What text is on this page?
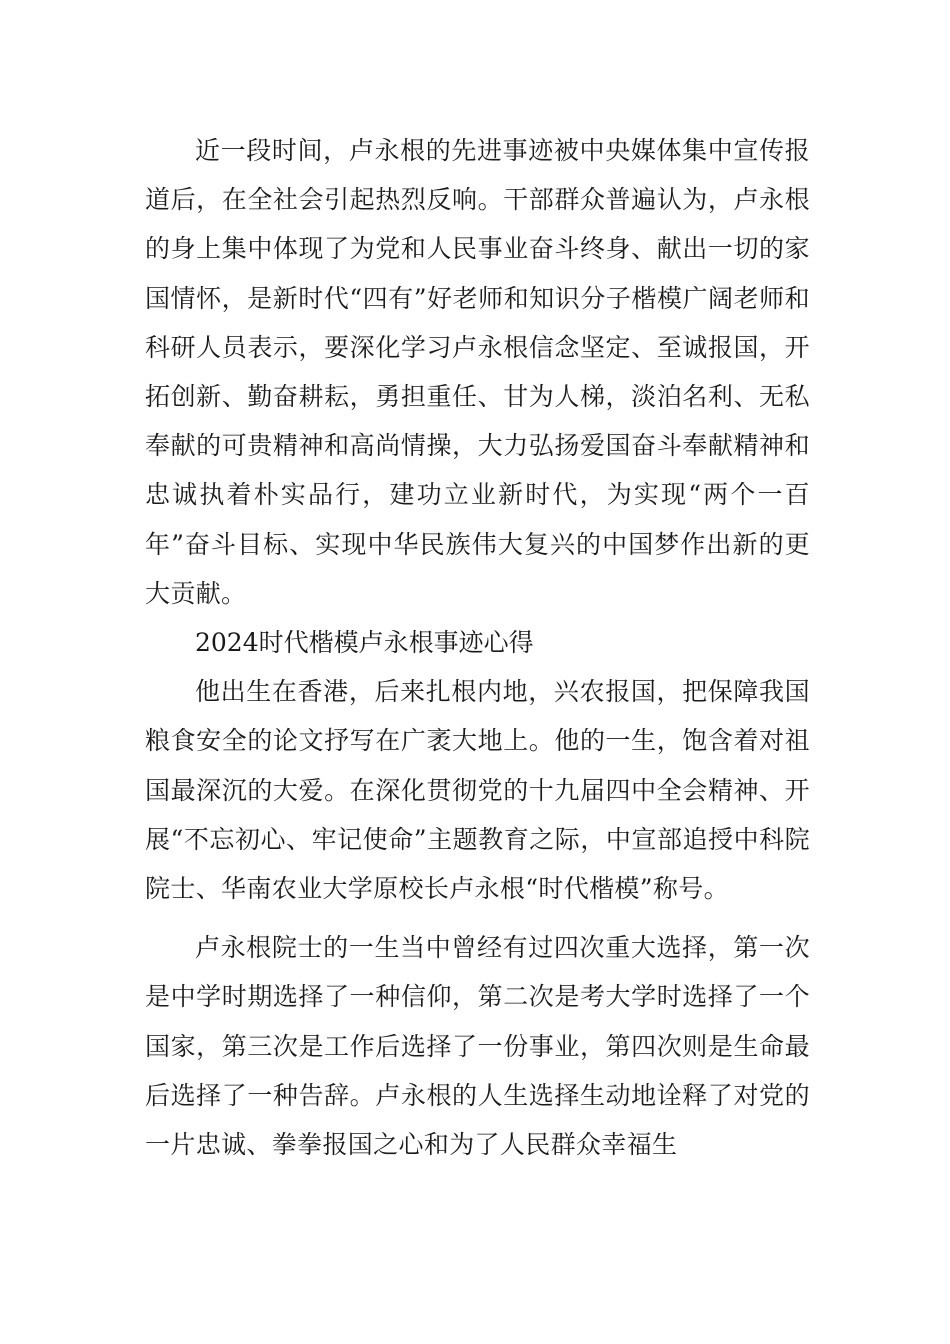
近一段时间，卢永根的先进事迹被中央媒体集中宣传报道后，在全社会引起热烈反响。干部群众普遍认为，卢永根的身上集中体现了为党和人民事业奋斗终身、献出一切的家国情怀，是新时代“四有”好老师和知识分子楷模广阔老师和科研人员表示，要深化学习卢永根信念坚定、至诚报国，开拓创新、勤奋耕耘，勇担重任、甘为人梯，淡泊名利、无私奉献的可贵精神和高尚情操，大力弘扬爱国奋斗奉献精神和忠诚执着朴实品行，建功立业新时代，为实现“两个一百年”奋斗目标、实现中华民族伟大复兴的中国梦作出新的更大贡献。

2024时代楷模卢永根事迹心得

他出生在香港，后来扎根内地，兴农报国，把保障我国粮食安全的论文抒写在广袤大地上。他的一生，饱含着对祖国最深沉的大爱。在深化贯彻党的十九届四中全会精神、开展“不忘初心、牢记使命”主题教育之际，中宣部追授中科院院士、华南农业大学原校长卢永根“时代楷模”称号。

卢永根院士的一生当中曾经有过四次重大选择，第一次是中学时期选择了一种信仰，第二次是考大学时选择了一个国家，第三次是工作后选择了一份事业，第四次则是生命最后选择了一种告辞。卢永根的人生选择生动地诠释了对党的一片忠诚、拳拳报国之心和为了人民群众幸福生
